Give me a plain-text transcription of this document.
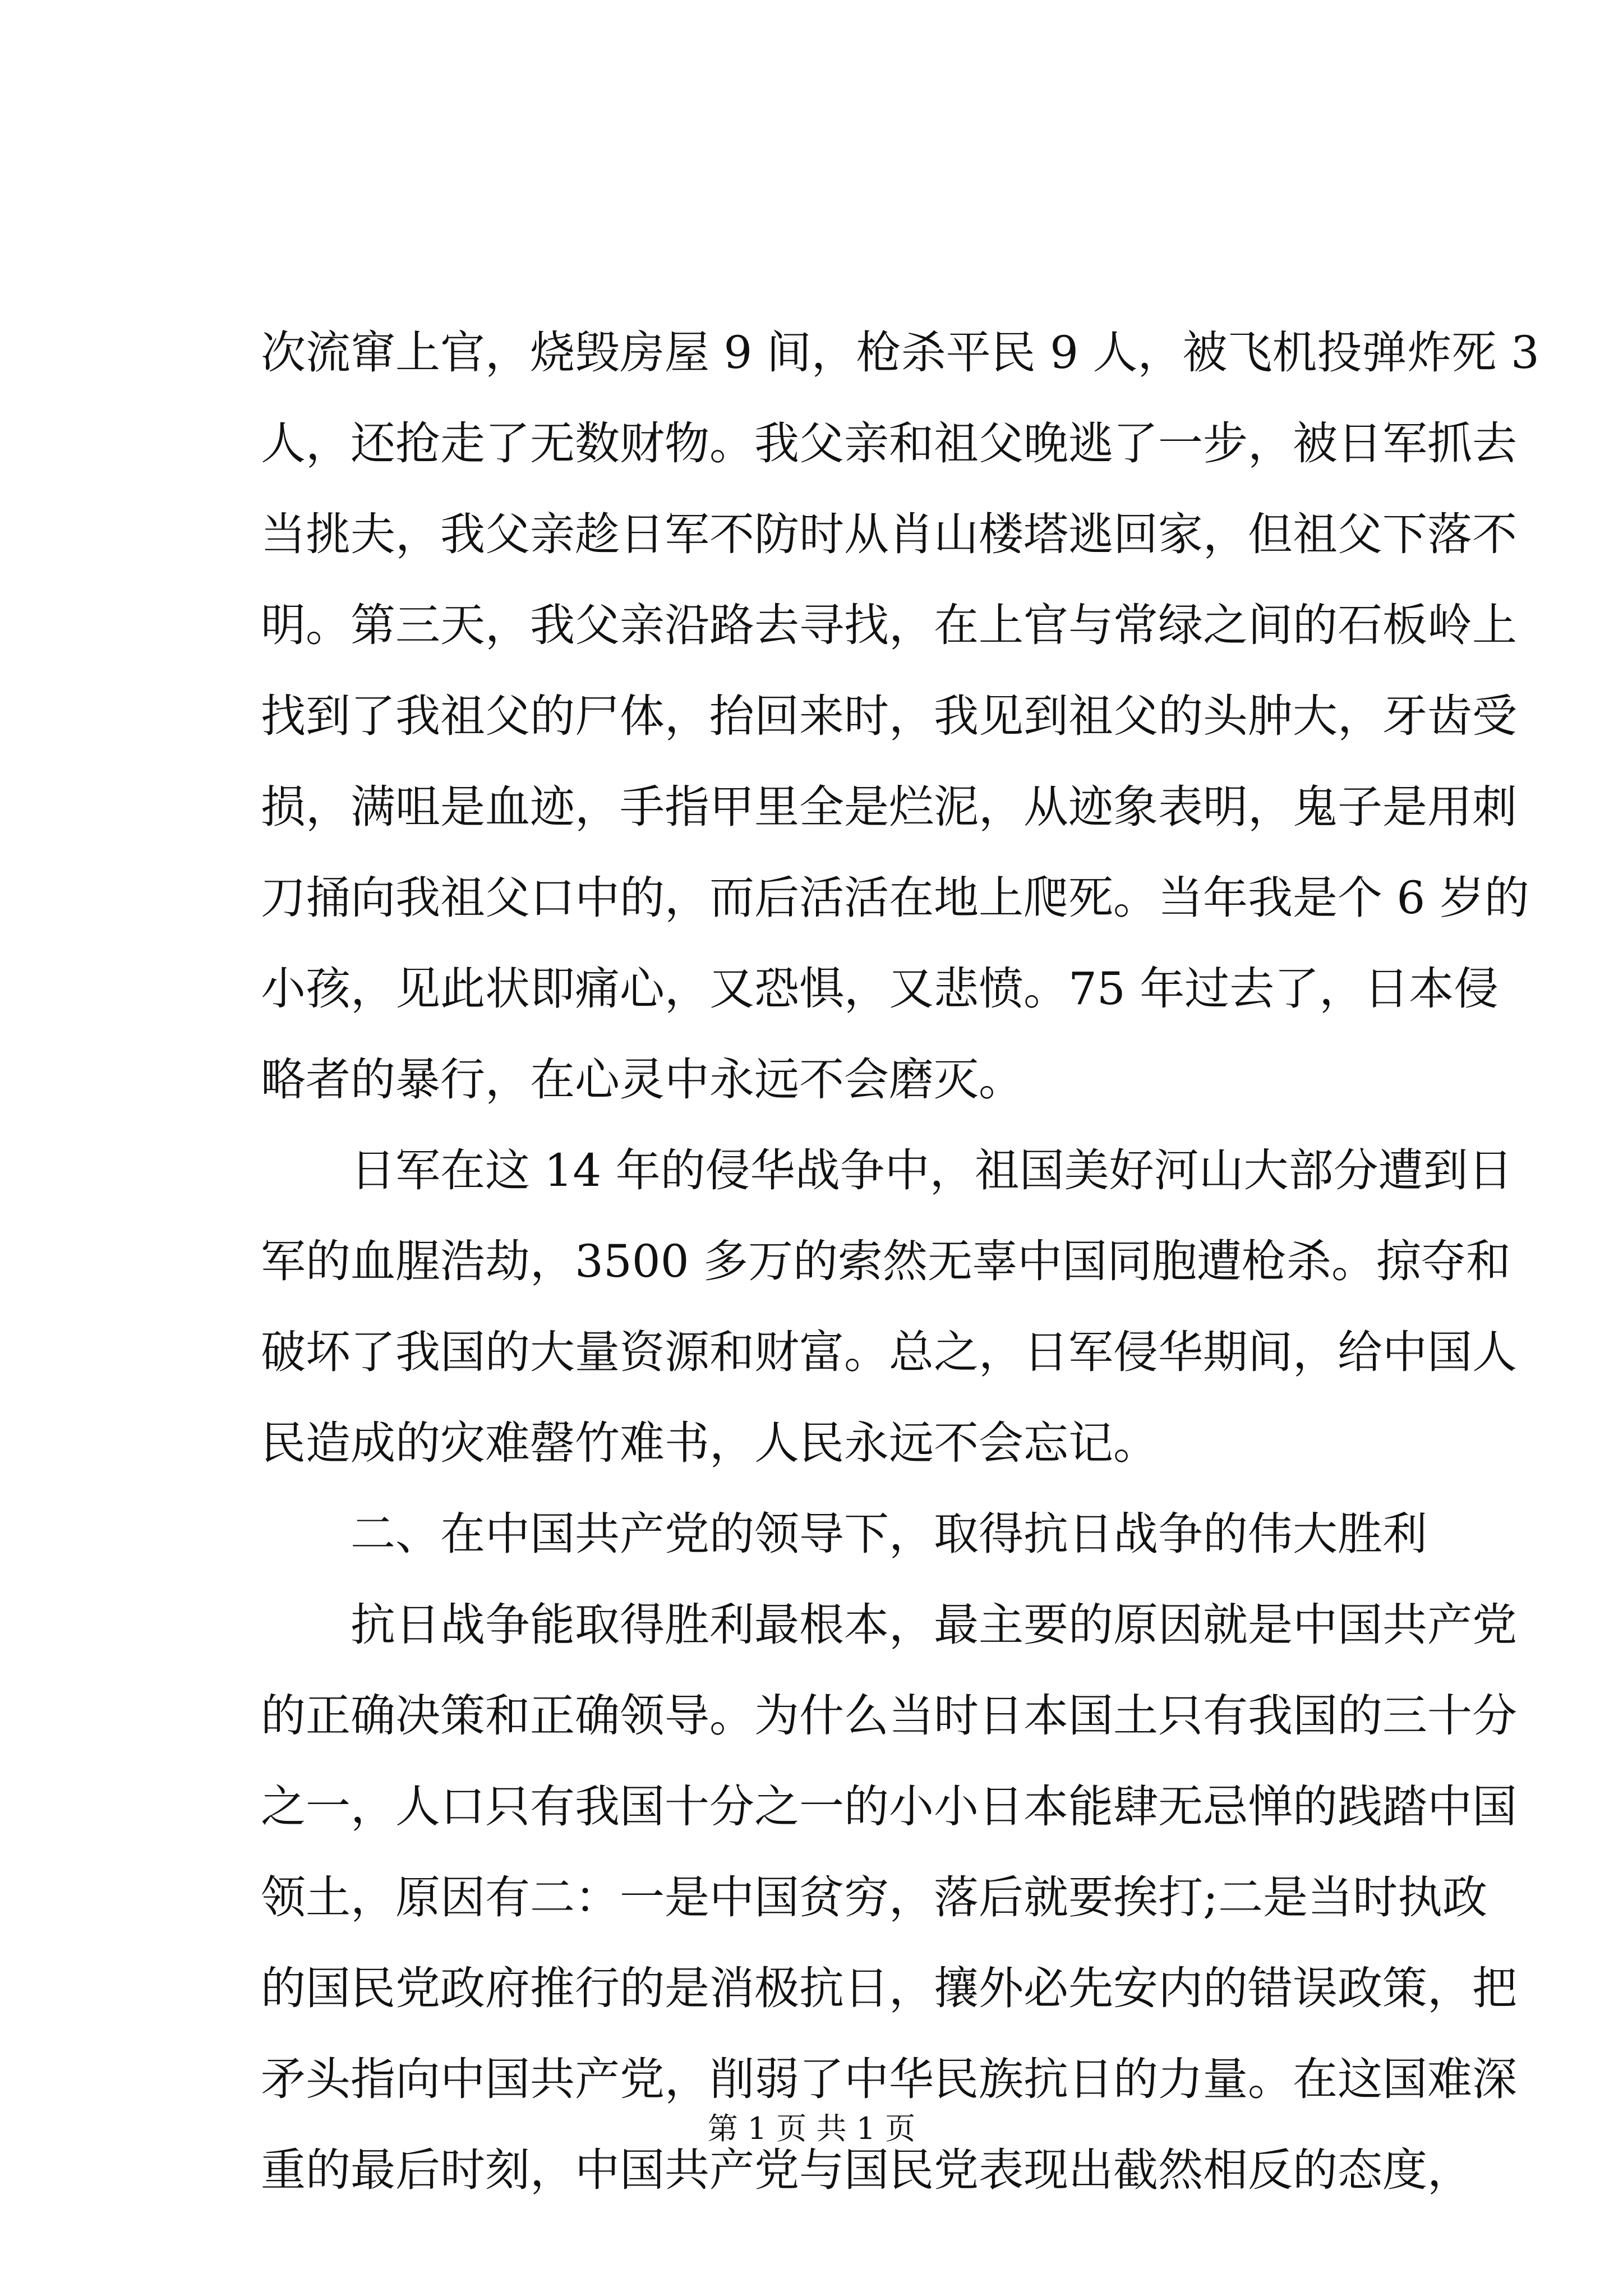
次流窜上官，烧毁房屋 9 间，枪杀平民 9 人，被飞机投弹炸死 3
人，还抢走了无数财物。我父亲和祖父晚逃了一步，被日军抓去
当挑夫，我父亲趁日军不防时从肖山楼塔逃回家，但祖父下落不
明。第三天，我父亲沿路去寻找，在上官与常绿之间的石板岭上
找到了我祖父的尸体，抬回来时，我见到祖父的头肿大，牙齿受
损，满咀是血迹，手指甲里全是烂泥，从迹象表明，鬼子是用刺
刀捅向我祖父口中的，而后活活在地上爬死。当年我是个 6 岁的
小孩，见此状即痛心，又恐惧，又悲愤。75 年过去了，日本侵
略者的暴行，在心灵中永远不会磨灭。
日军在这 14 年的侵华战争中，祖国美好河山大部分遭到日
军的血腥浩劫，3500 多万的索然无辜中国同胞遭枪杀。掠夺和
破坏了我国的大量资源和财富。总之，日军侵华期间，给中国人
民造成的灾难罄竹难书，人民永远不会忘记。
二、在中国共产党的领导下，取得抗日战争的伟大胜利
抗日战争能取得胜利最根本，最主要的原因就是中国共产党
的正确决策和正确领导。为什么当时日本国土只有我国的三十分
之一，人口只有我国十分之一的小小日本能肆无忌惮的践踏中国
领土，原因有二：一是中国贫穷，落后就要挨打;二是当时执政
的国民党政府推行的是消极抗日，攘外必先安内的错误政策，把
矛头指向中国共产党，削弱了中华民族抗日的力量。在这国难深
重的最后时刻，中国共产党与国民党表现出截然相反的态度，
第 1 页 共 1 页
